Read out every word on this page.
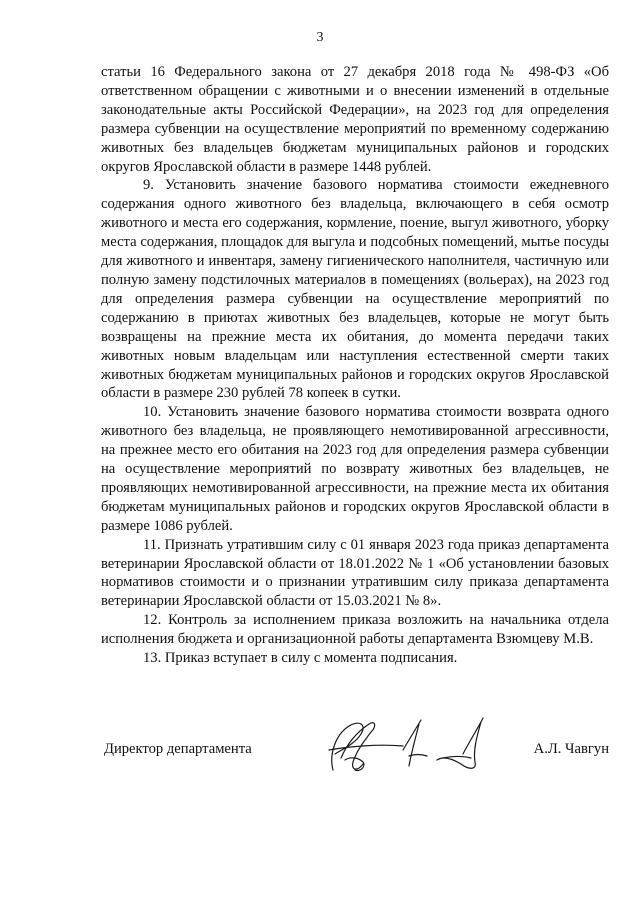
3

статьи 16 Федерального закона от 27 декабря 2018 года № 498-ФЗ «Об ответственном обращении с животными и о внесении изменений в отдельные законодательные акты Российской Федерации», на 2023 год для определения размера субвенции на осуществление мероприятий по временному содержанию животных без владельцев бюджетам муниципальных районов и городских округов Ярославской области в размере 1448 рублей.

9. Установить значение базового норматива стоимости ежедневного содержания одного животного без владельца, включающего в себя осмотр животного и места его содержания, кормление, поение, выгул животного, уборку места содержания, площадок для выгула и подсобных помещений, мытье посуды для животного и инвентаря, замену гигиенического наполнителя, частичную или полную замену подстилочных материалов в помещениях (вольерах), на 2023 год для определения размера субвенции на осуществление мероприятий по содержанию в приютах животных без владельцев, которые не могут быть возвращены на прежние места их обитания, до момента передачи таких животных новым владельцам или наступления естественной смерти таких животных бюджетам муниципальных районов и городских округов Ярославской области в размере 230 рублей 78 копеек в сутки.

10. Установить значение базового норматива стоимости возврата одного животного без владельца, не проявляющего немотивированной агрессивности, на прежнее место его обитания на 2023 год для определения размера субвенции на осуществление мероприятий по возврату животных без владельцев, не проявляющих немотивированной агрессивности, на прежние места их обитания бюджетам муниципальных районов и городских округов Ярославской области в размере 1086 рублей.

11. Признать утратившим силу с 01 января 2023 года приказ департамента ветеринарии Ярославской области от 18.01.2022 № 1 «Об установлении базовых нормативов стоимости и о признании утратившим силу приказа департамента ветеринарии Ярославской области от 15.03.2021 № 8».

12. Контроль за исполнением приказа возложить на начальника отдела исполнения бюджета и организационной работы департамента Взюмцеву М.В.

13. Приказ вступает в силу с момента подписания.

Директор департамента	А.Л. Чавгун
